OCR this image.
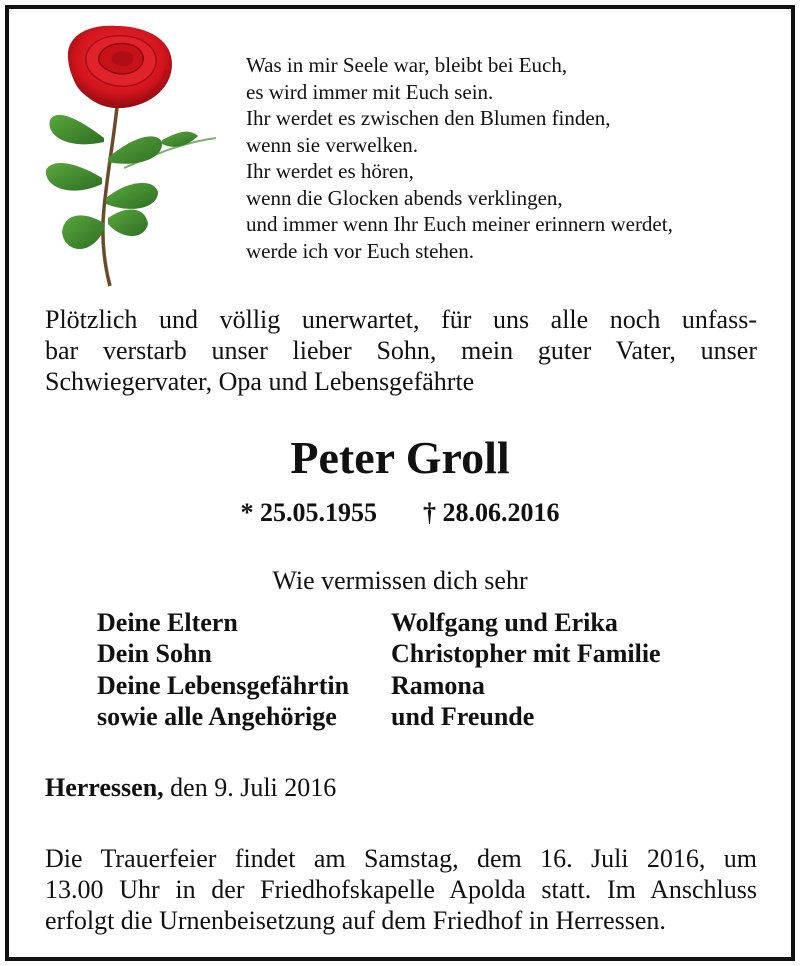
Was in mir Seele war, bleibt bei Euch,
es wird immer mit Euch sein.
Ihr werdet es zwischen den Blumen finden,
wenn sie verwelken.
Ihr werdet es hören,
wenn die Glocken abends verklingen,
und immer wenn Ihr Euch meiner erinnern werdet,
werde ich vor Euch stehen.
Plötzlich und völlig unerwartet, für uns alle noch unfass-
bar verstarb unser lieber Sohn, mein guter Vater, unser
Schwiegervater, Opa und Lebensgefährte
Peter Groll
* 25.05.1955 † 28.06.2016
Wie vermissen dich sehr
Deine Eltern	Wolfgang und Erika
Dein Sohn	Christopher mit Familie
Deine Lebensgefährtin	Ramona
sowie alle Angehörige	und Freunde
Herressen, den 9. Juli 2016
Die Trauerfeier findet am Samstag, dem 16. Juli 2016, um
13.00 Uhr in der Friedhofskapelle Apolda statt. Im Anschluss
erfolgt die Urnenbeisetzung auf dem Friedhof in Herressen.
